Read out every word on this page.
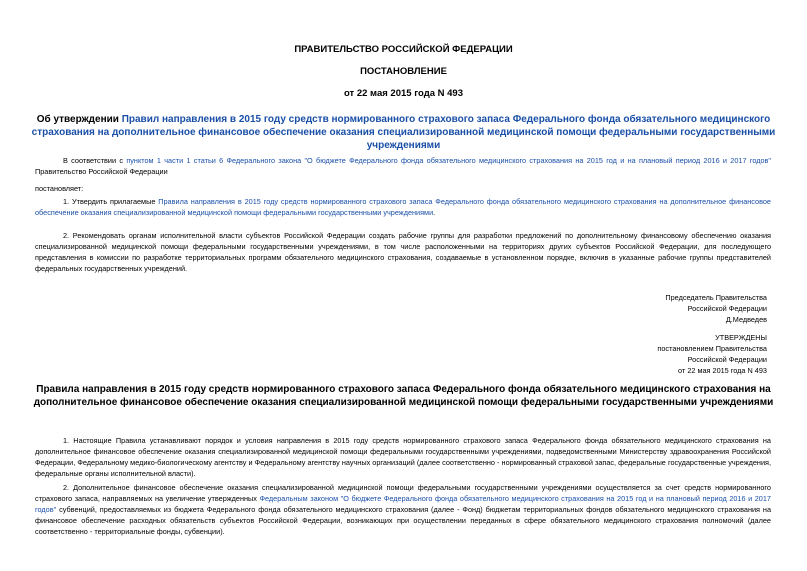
ПРАВИТЕЛЬСТВО РОССИЙСКОЙ ФЕДЕРАЦИИ
ПОСТАНОВЛЕНИЕ
от 22 мая 2015 года N 493
Об утверждении Правил направления в 2015 году средств нормированного страхового запаса Федерального фонда обязательного медицинского страхования на дополнительное финансовое обеспечение оказания специализированной медицинской помощи федеральными государственными учреждениями
В соответствии с пунктом 1 части 1 статьи 6 Федерального закона "О бюджете Федерального фонда обязательного медицинского страхования на 2015 год и на плановый период 2016 и 2017 годов" Правительство Российской Федерации
постановляет:
1. Утвердить прилагаемые Правила направления в 2015 году средств нормированного страхового запаса Федерального фонда обязательного медицинского страхования на дополнительное финансовое обеспечение оказания специализированной медицинской помощи федеральными государственными учреждениями.
2. Рекомендовать органам исполнительной власти субъектов Российской Федерации создать рабочие группы для разработки предложений по дополнительному финансовому обеспечению оказания специализированной медицинской помощи федеральными государственными учреждениями, в том числе расположенными на территориях других субъектов Российской Федерации, для последующего представления в комиссии по разработке территориальных программ обязательного медицинского страхования, создаваемые в установленном порядке, включив в указанные рабочие группы представителей федеральных государственных учреждений.
Председатель Правительства
Российской Федерации
Д.Медведев
УТВЕРЖДЕНЫ
постановлением Правительства
Российской Федерации
от 22 мая 2015 года N 493
Правила направления в 2015 году средств нормированного страхового запаса Федерального фонда обязательного медицинского страхования на дополнительное финансовое обеспечение оказания специализированной медицинской помощи федеральными государственными учреждениями
1. Настоящие Правила устанавливают порядок и условия направления в 2015 году средств нормированного страхового запаса Федерального фонда обязательного медицинского страхования на дополнительное финансовое обеспечение оказания специализированной медицинской помощи федеральными государственными учреждениями, подведомственными Министерству здравоохранения Российской Федерации, Федеральному медико-биологическому агентству и Федеральному агентству научных организаций (далее соответственно - нормированный страховой запас, федеральные государственные учреждения, федеральные органы исполнительной власти).
2. Дополнительное финансовое обеспечение оказания специализированной медицинской помощи федеральными государственными учреждениями осуществляется за счет средств нормированного страхового запаса, направляемых на увеличение утвержденных Федеральным законом "О бюджете Федерального фонда обязательного медицинского страхования на 2015 год и на плановый период 2016 и 2017 годов" субвенций, предоставляемых из бюджета Федерального фонда обязательного медицинского страхования (далее - Фонд) бюджетам территориальных фондов обязательного медицинского страхования на финансовое обеспечение расходных обязательств субъектов Российской Федерации, возникающих при осуществлении переданных в сфере обязательного медицинского страхования полномочий (далее соответственно - территориальные фонды, субвенции).
